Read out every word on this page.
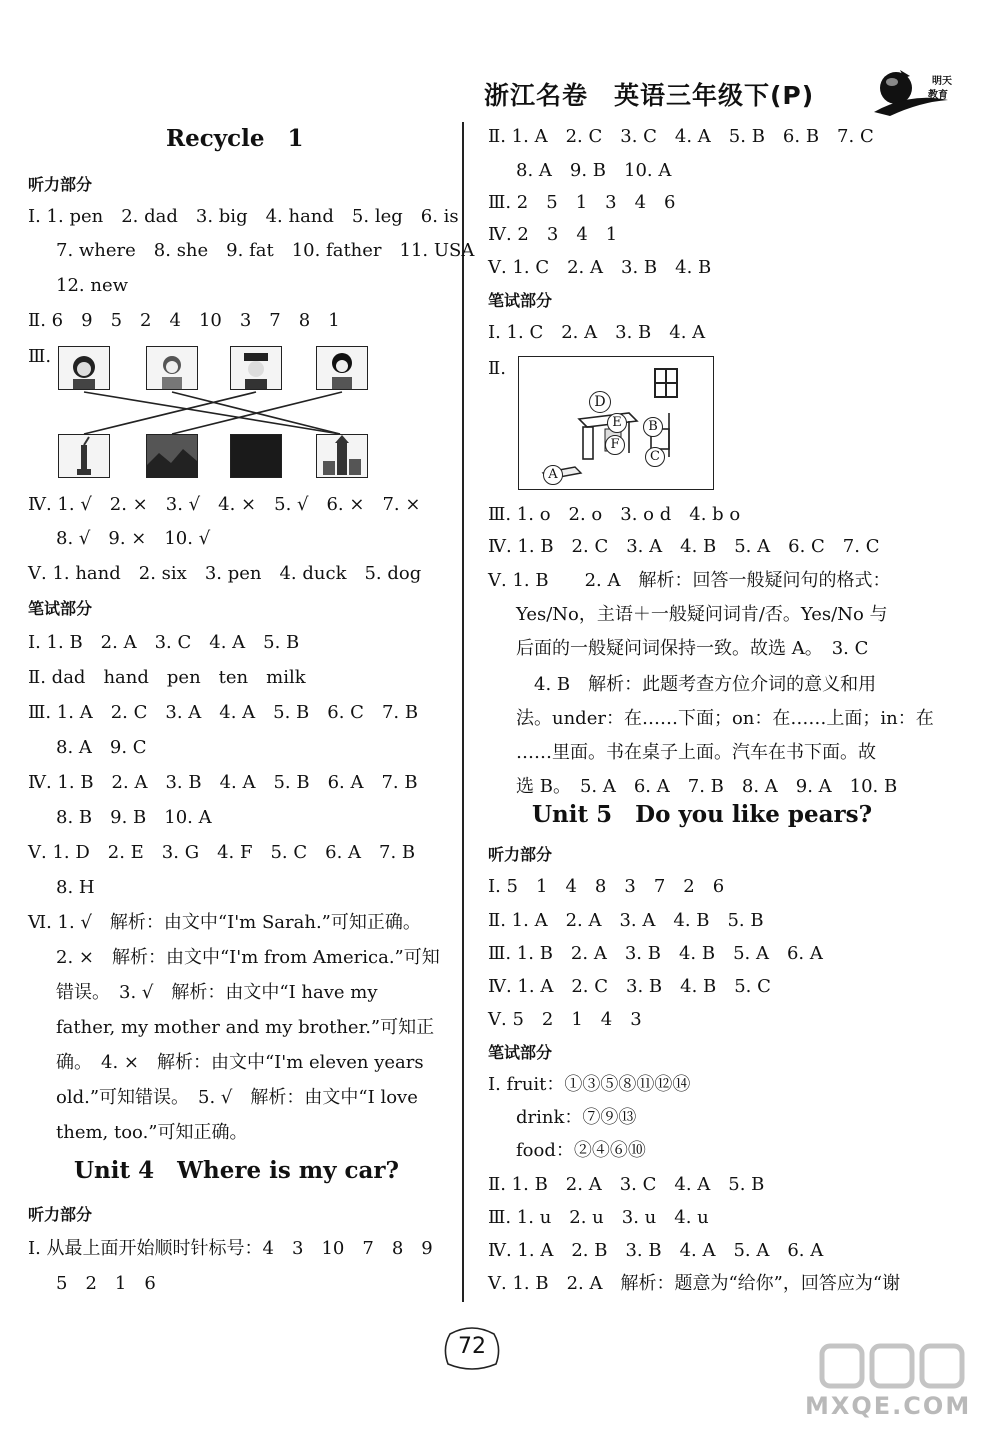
浙江名卷　英语三年级下(P)	明天
教育
Recycle　1
听力部分
Ⅰ. 1. pen　2. dad　3. big　4. hand　5. leg　6. is
7. where　8. she　9. fat　10. father　11. USA
12. new
Ⅱ. 6　9　5　2　4　10　3　7　8　1
Ⅲ.
Ⅳ. 1. √　2. ×　3. √　4. ×　5. √　6. ×　7. ×
8. √　9. ×　10. √
Ⅴ. 1. hand　2. six　3. pen　4. duck　5. dog
笔试部分
Ⅰ. 1. B　2. A　3. C　4. A　5. B
Ⅱ. dad　hand　pen　ten　milk
Ⅲ. 1. A　2. C　3. A　4. A　5. B　6. C　7. B
8. A　9. C
Ⅳ. 1. B　2. A　3. B　4. A　5. B　6. A　7. B
8. B　9. B　10. A
Ⅴ. 1. D　2. E　3. G　4. F　5. C　6. A　7. B
8. H
Ⅵ. 1. √　解析：由文中“I'm Sarah.”可知正确。
2. ×　解析：由文中“I'm from America.”可知
错误。　3. √　解析：由文中“I have my
father, my mother and my brother.”可知正
确。　4. ×　解析：由文中“I'm eleven years
old.”可知错误。　5. √　解析：由文中“I love
them, too.”可知正确。
Unit 4　Where is my car?
听力部分
Ⅰ. 从最上面开始顺时针标号：4　3　10　7　8　9
5　2　1　6
Ⅱ. 1. A　2. C　3. C　4. A　5. B　6. B　7. C
8. A　9. B　10. A
Ⅲ. 2　5　1　3　4　6
Ⅳ. 2　3　4　1
Ⅴ. 1. C　2. A　3. B　4. B
笔试部分
Ⅰ. 1. C　2. A　3. B　4. A
Ⅱ.
D
E
F
B
C
A
Ⅲ. 1. o　2. o　3. o d　4. b o
Ⅳ. 1. B　2. C　3. A　4. B　5. A　6. C　7. C
Ⅴ. 1. B　　2. A　解析：回答一般疑问句的格式：
Yes/No，主语＋一般疑问词肯/否。Yes/No 与
后面的一般疑问词保持一致。故选 A。　3. C
4. B　解析：此题考查方位介词的意义和用
法。under：在……下面；on：在……上面；in：在
……里面。书在桌子上面。汽车在书下面。故
选 B。　5. A　6. A　7. B　8. A　9. A　10. B
Unit 5　Do you like pears?
听力部分
Ⅰ. 5　1　4　8　3　7　2　6
Ⅱ. 1. A　2. A　3. A　4. B　5. B
Ⅲ. 1. B　2. A　3. B　4. B　5. A　6. A
Ⅳ. 1. A　2. C　3. B　4. B　5. C
Ⅴ. 5　2　1　4　3
笔试部分
Ⅰ. fruit：①③⑤⑧⑪⑫⑭
drink：⑦⑨⑬
food：②④⑥⑩
Ⅱ. 1. B　2. A　3. C　4. A　5. B
Ⅲ. 1. u　2. u　3. u　4. u
Ⅳ. 1. A　2. B　3. B　4. A　5. A　6. A
Ⅴ. 1. B　2. A　解析：题意为“给你”，回答应为“谢
72
MXQE.COM
